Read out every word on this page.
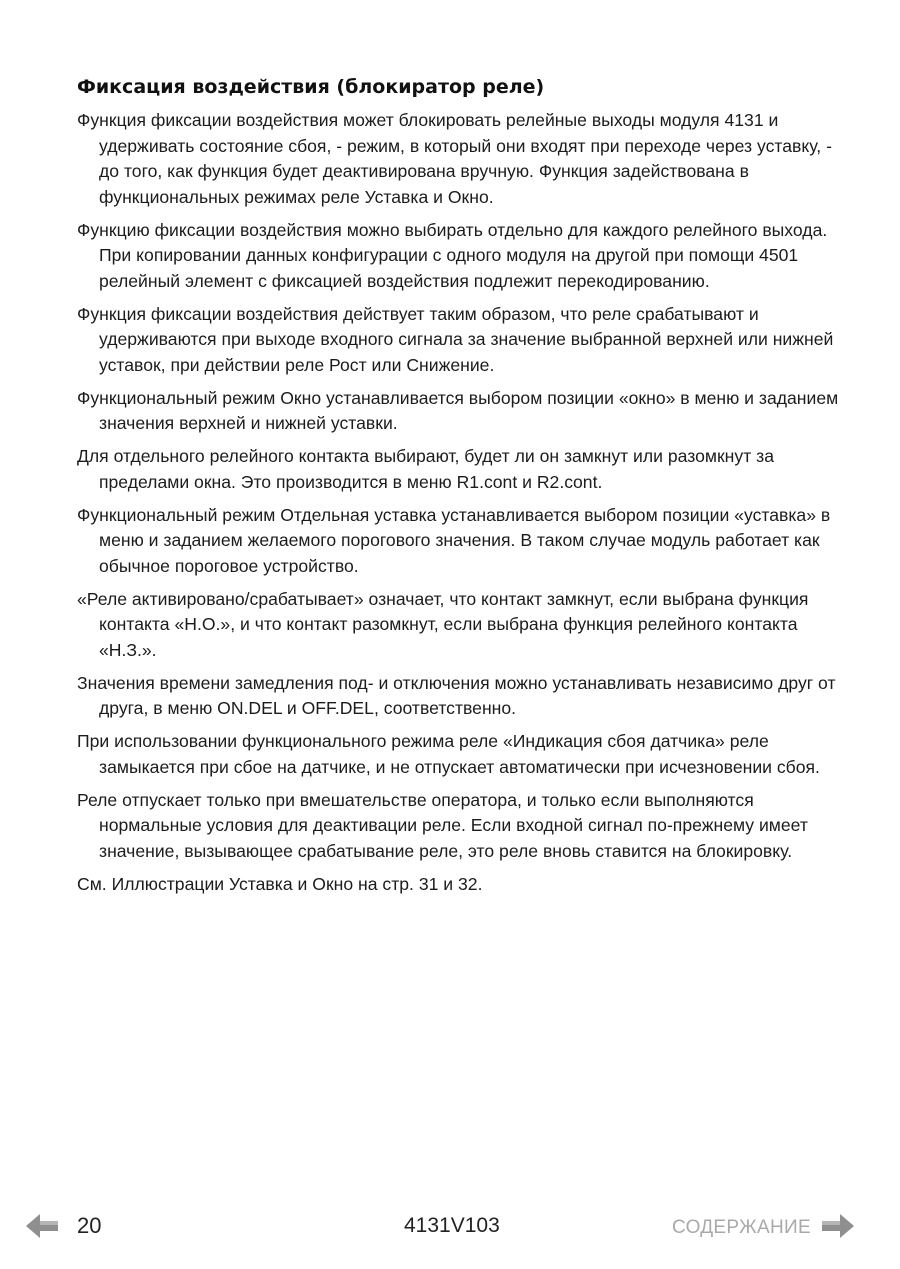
Фиксация воздействия (блокиратор реле)

Функция фиксации воздействия может блокировать релейные выходы модуля 4131 и удерживать состояние сбоя, - режим, в который они входят при переходе через уставку, - до того, как функция будет деактивирована вручную. Функция задействована в функциональных режимах реле Уставка и Окно.

Функцию фиксации воздействия можно выбирать отдельно для каждого релейного выхода. При копировании данных конфигурации с одного модуля на другой при помощи 4501 релейный элемент с фиксацией воздействия подлежит перекодированию.

Функция фиксации воздействия действует таким образом, что реле срабатывают и удерживаются при выходе входного сигнала за значение выбранной верхней или нижней уставок, при действии реле Рост или Снижение.

Функциональный режим Окно устанавливается выбором позиции «окно» в меню и заданием значения верхней и нижней уставки.

Для отдельного релейного контакта выбирают, будет ли он замкнут или разомкнут за пределами окна. Это производится в меню R1.cont и R2.cont.

Функциональный режим Отдельная уставка устанавливается выбором позиции «уставка» в меню и заданием желаемого порогового значения. В таком случае модуль работает как обычное пороговое устройство.

«Реле активировано/срабатывает» означает, что контакт замкнут, если выбрана функция контакта «Н.О.», и что контакт разомкнут, если выбрана функция релейного контакта «Н.З.».

Значения времени замедления под- и отключения можно устанавливать независимо друг от друга, в меню ON.DEL и OFF.DEL, соответственно.

При использовании функционального режима реле «Индикация сбоя датчика» реле замыкается при сбое на датчике, и не отпускает автоматически при исчезновении сбоя.

Реле отпускает только при вмешательстве оператора, и только если выполняются нормальные условия для деактивации реле. Если входной сигнал по-прежнему имеет значение, вызывающее срабатывание реле, это реле вновь ставится на блокировку.

См. Иллюстрации Уставка и Окно на стр. 31 и 32.

20	4131V103	СОДЕРЖАНИЕ
